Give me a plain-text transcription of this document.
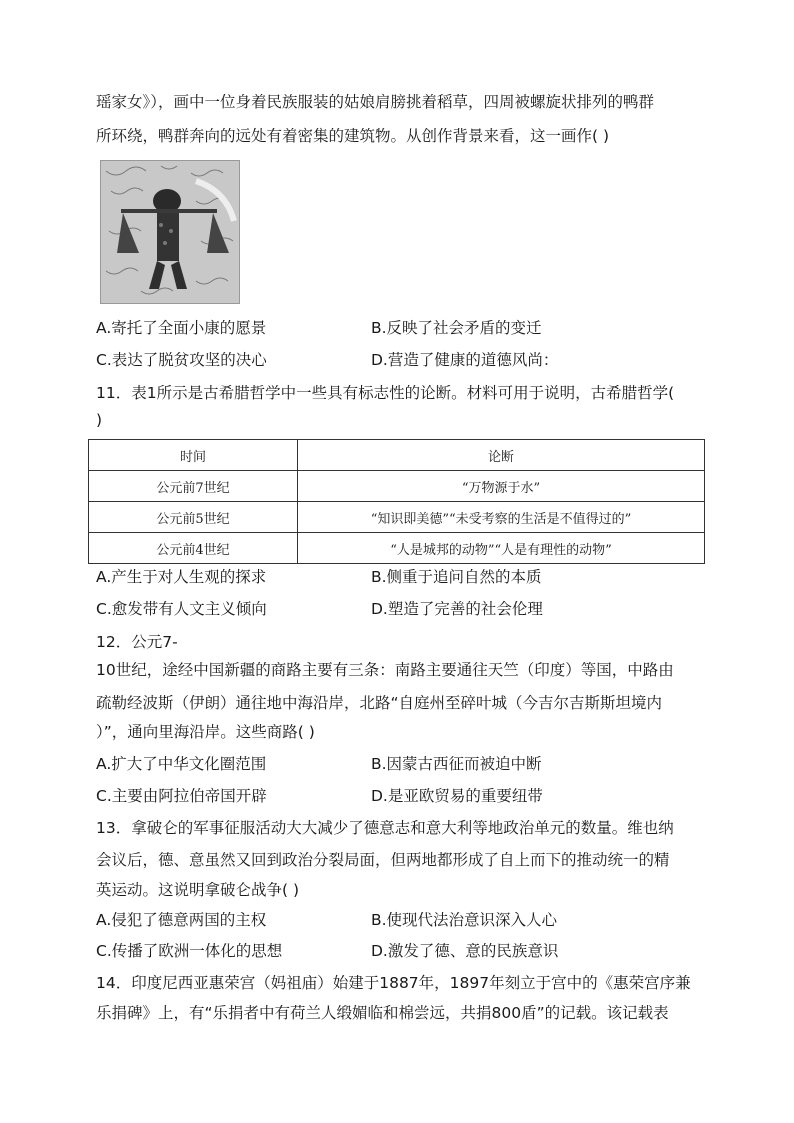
瑶家女》），画中一位身着民族服装的姑娘肩膀挑着稻草，四周被螺旋状排列的鸭群
所环绕，鸭群奔向的远处有着密集的建筑物。从创作背景来看，这一画作( )
A.寄托了全面小康的愿景	B.反映了社会矛盾的变迁
C.表达了脱贫攻坚的决心	D.营造了健康的道德风尚：
11．表1所示是古希腊哲学中一些具有标志性的论断。材料可用于说明，古希腊哲学(
)
时间	论断
公元前7世纪	“万物源于水”
公元前5世纪	“知识即美德”“未受考察的生活是不值得过的”
公元前4世纪	“人是城邦的动物”“人是有理性的动物”
A.产生于对人生观的探求	B.侧重于追问自然的本质
C.愈发带有人文主义倾向	D.塑造了完善的社会伦理
12．公元7-
10世纪，途经中国新疆的商路主要有三条：南路主要通往天竺（印度）等国，中路由
疏勒经波斯（伊朗）通往地中海沿岸，北路“自庭州至碎叶城（今吉尔吉斯斯坦境内
）”，通向里海沿岸。这些商路( )
A.扩大了中华文化圈范围	B.因蒙古西征而被迫中断
C.主要由阿拉伯帝国开辟	D.是亚欧贸易的重要纽带
13．拿破仑的军事征服活动大大减少了德意志和意大利等地政治单元的数量。维也纳
会议后，德、意虽然又回到政治分裂局面，但两地都形成了自上而下的推动统一的精
英运动。这说明拿破仑战争( )
A.侵犯了德意两国的主权	B.使现代法治意识深入人心
C.传播了欧洲一体化的思想	D.激发了德、意的民族意识
14．印度尼西亚惠荣宫（妈祖庙）始建于1887年，1897年刻立于宫中的《惠荣宫序兼
乐捐碑》上，有“乐捐者中有荷兰人缎媚临和棉尝远，共捐800盾”的记载。该记载表
